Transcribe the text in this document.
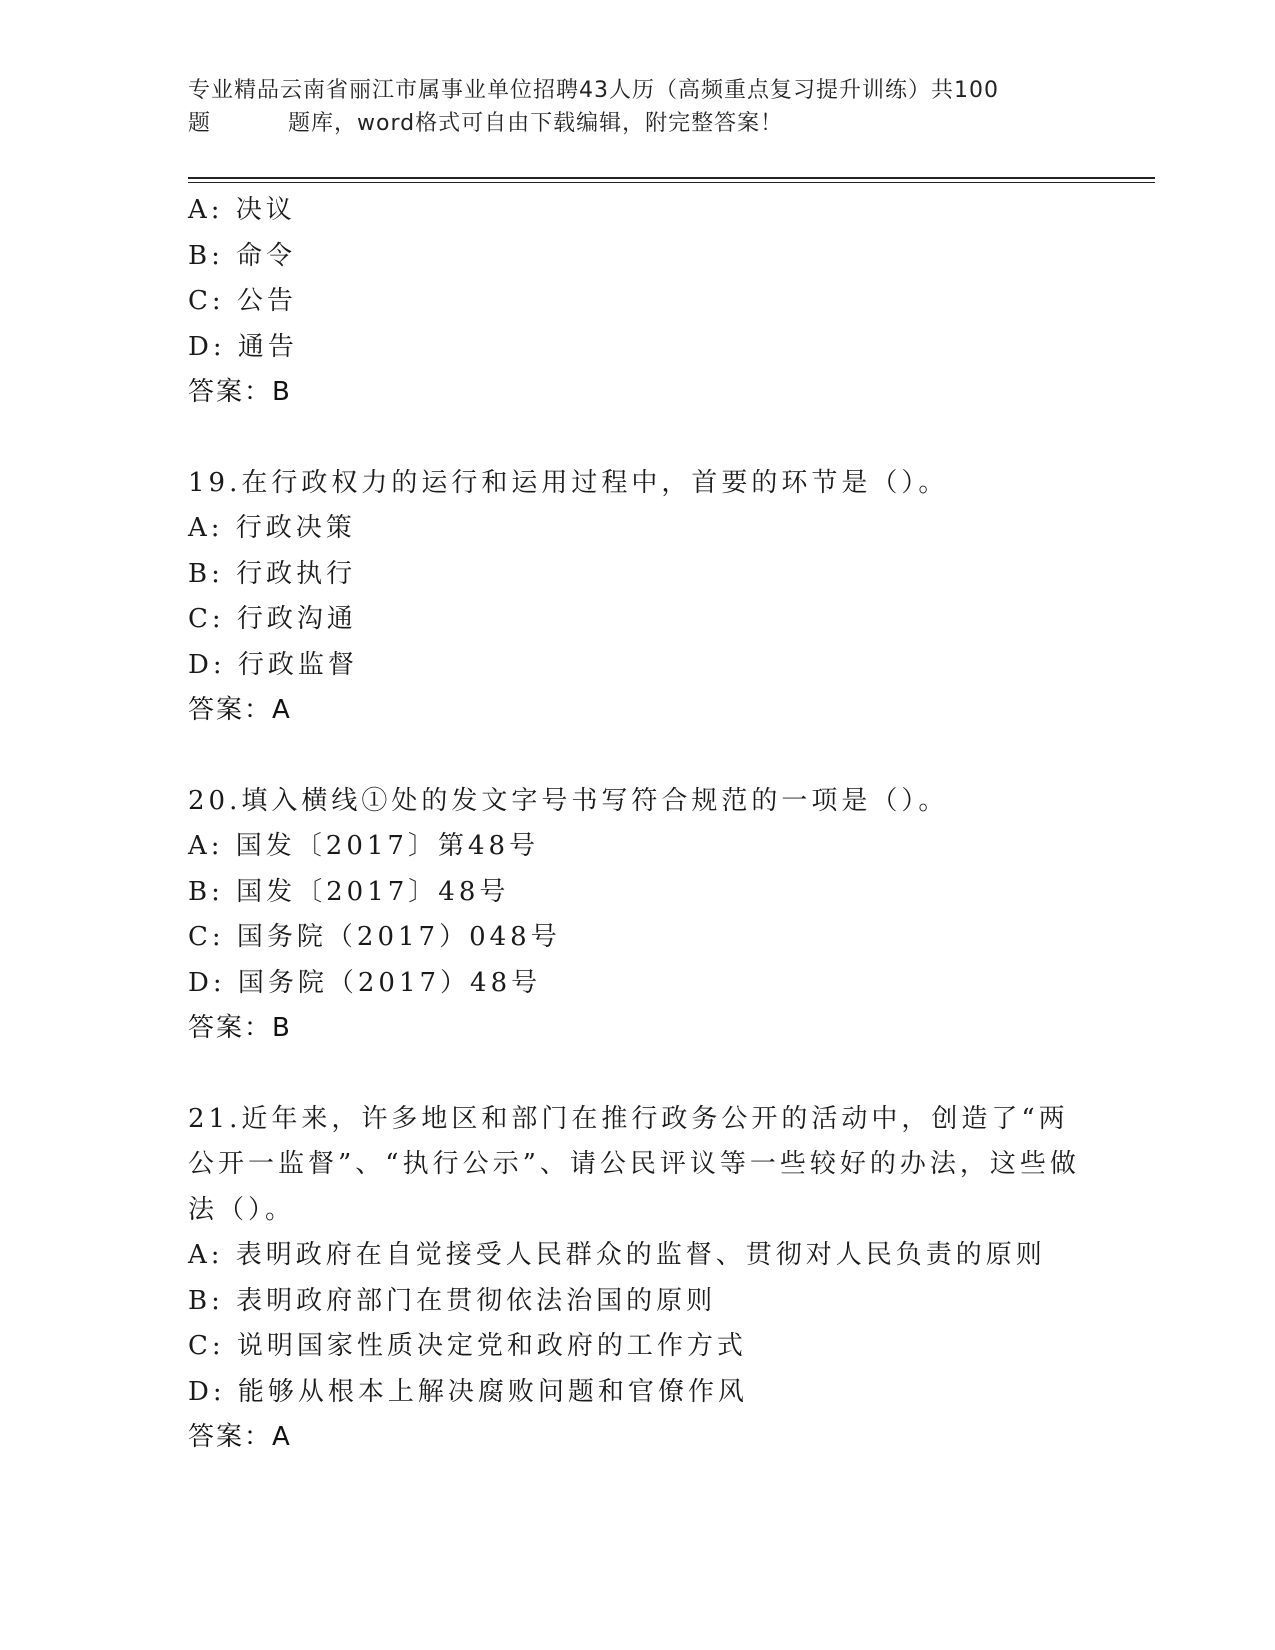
专业精品云南省丽江市属事业单位招聘43人历（高频重点复习提升训练）共100
题	题库，word格式可自由下载编辑，附完整答案！
A: 决议
B: 命令
C: 公告
D: 通告
答案：B
19.在行政权力的运行和运用过程中，首要的环节是（）。
A: 行政决策
B: 行政执行
C: 行政沟通
D: 行政监督
答案：A
20.填入横线①处的发文字号书写符合规范的一项是（）。
A: 国发〔2017〕第48号
B: 国发〔2017〕48号
C: 国务院（2017）048号
D: 国务院（2017）48号
答案：B
21.近年来，许多地区和部门在推行政务公开的活动中，创造了“两公开一监督”、“执行公示”、请公民评议等一些较好的办法，这些做法（）。
A: 表明政府在自觉接受人民群众的监督、贯彻对人民负责的原则
B: 表明政府部门在贯彻依法治国的原则
C: 说明国家性质决定党和政府的工作方式
D: 能够从根本上解决腐败问题和官僚作风
答案：A
